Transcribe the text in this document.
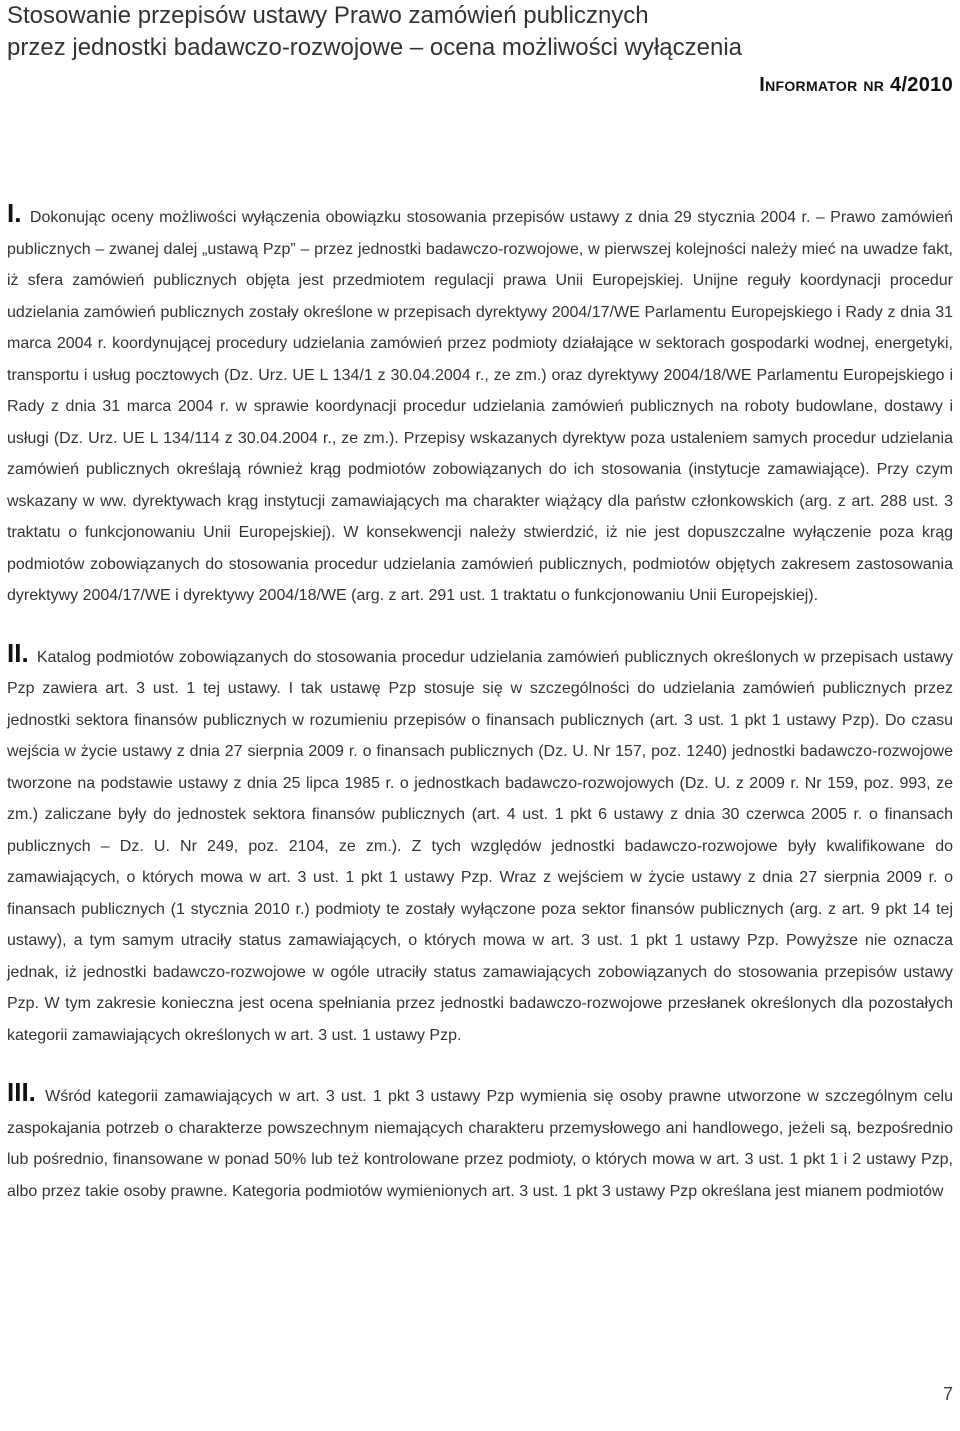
Stosowanie przepisów ustawy Prawo zamówień publicznych
przez jednostki badawczo-rozwojowe – ocena możliwości wyłączenia
Informator nr 4/2010

I. Dokonując oceny możliwości wyłączenia obowiązku stosowania przepisów ustawy z dnia 29 stycznia 2004 r. – Prawo zamówień publicznych – zwanej dalej „ustawą Pzp” – przez jednostki badawczo-rozwojowe, w pierwszej kolejności należy mieć na uwadze fakt, iż sfera zamówień publicznych objęta jest przedmiotem regulacji prawa Unii Europejskiej. Unijne reguły koordynacji procedur udzielania zamówień publicznych zostały określone w przepisach dyrektywy 2004/17/WE Parlamentu Europejskiego i Rady z dnia 31 marca 2004 r. koordynującej procedury udzielania zamówień przez podmioty działające w sektorach gospodarki wodnej, energetyki, transportu i usług pocztowych (Dz. Urz. UE L 134/1 z 30.04.2004 r., ze zm.) oraz dyrektywy 2004/18/WE Parlamentu Europejskiego i Rady z dnia 31 marca 2004 r. w sprawie koordynacji procedur udzielania zamówień publicznych na roboty budowlane, dostawy i usługi (Dz. Urz. UE L 134/114 z 30.04.2004 r., ze zm.). Przepisy wskazanych dyrektyw poza ustaleniem samych procedur udzielania zamówień publicznych określają również krąg podmiotów zobowiązanych do ich stosowania (instytucje zamawiające). Przy czym wskazany w ww. dyrektywach krąg instytucji zamawiających ma charakter wiążący dla państw członkowskich (arg. z art. 288 ust. 3 traktatu o funkcjonowaniu Unii Europejskiej). W konsekwencji należy stwierdzić, iż nie jest dopuszczalne wyłączenie poza krąg podmiotów zobowiązanych do stosowania procedur udzielania zamówień publicznych, podmiotów objętych zakresem zastosowania dyrektywy 2004/17/WE i dyrektywy 2004/18/WE (arg. z art. 291 ust. 1 traktatu o funkcjonowaniu Unii Europejskiej).

II. Katalog podmiotów zobowiązanych do stosowania procedur udzielania zamówień publicznych określonych w przepisach ustawy Pzp zawiera art. 3 ust. 1 tej ustawy. I tak ustawę Pzp stosuje się w szczególności do udzielania zamówień publicznych przez jednostki sektora finansów publicznych w rozumieniu przepisów o finansach publicznych (art. 3 ust. 1 pkt 1 ustawy Pzp). Do czasu wejścia w życie ustawy z dnia 27 sierpnia 2009 r. o finansach publicznych (Dz. U. Nr 157, poz. 1240) jednostki badawczo-rozwojowe tworzone na podstawie ustawy z dnia 25 lipca 1985 r. o jednostkach badawczo-rozwojowych (Dz. U. z 2009 r. Nr 159, poz. 993, ze zm.) zaliczane były do jednostek sektora finansów publicznych (art. 4 ust. 1 pkt 6 ustawy z dnia 30 czerwca 2005 r. o finansach publicznych – Dz. U. Nr 249, poz. 2104, ze zm.). Z tych względów jednostki badawczo-rozwojowe były kwalifikowane do zamawiających, o których mowa w art. 3 ust. 1 pkt 1 ustawy Pzp. Wraz z wejściem w życie ustawy z dnia 27 sierpnia 2009 r. o finansach publicznych (1 stycznia 2010 r.) podmioty te zostały wyłączone poza sektor finansów publicznych (arg. z art. 9 pkt 14 tej ustawy), a tym samym utraciły status zamawiających, o których mowa w art. 3 ust. 1 pkt 1 ustawy Pzp. Powyższe nie oznacza jednak, iż jednostki badawczo-rozwojowe w ogóle utraciły status zamawiających zobowiązanych do stosowania przepisów ustawy Pzp. W tym zakresie konieczna jest ocena spełniania przez jednostki badawczo-rozwojowe przesłanek określonych dla pozostałych kategorii zamawiających określonych w art. 3 ust. 1 ustawy Pzp.

III. Wśród kategorii zamawiających w art. 3 ust. 1 pkt 3 ustawy Pzp wymienia się osoby prawne utworzone w szczególnym celu zaspokajania potrzeb o charakterze powszechnym niemających charakteru przemysłowego ani handlowego, jeżeli są, bezpośrednio lub pośrednio, finansowane w ponad 50% lub też kontrolowane przez podmioty, o których mowa w art. 3 ust. 1 pkt 1 i 2 ustawy Pzp, albo przez takie osoby prawne. Kategoria podmiotów wymienionych art. 3 ust. 1 pkt 3 ustawy Pzp określana jest mianem podmiotów

7
